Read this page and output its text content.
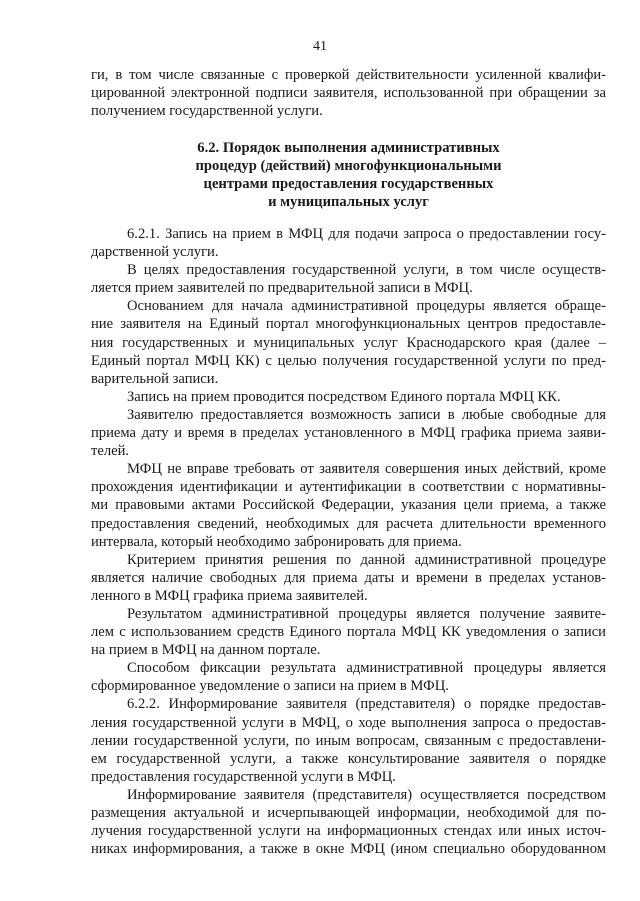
41
ги, в том числе связанные с проверкой действительности усиленной квалифи-
цированной электронной подписи заявителя, использованной при обращении за
получением государственной услуги.
6.2. Порядок выполнения административных
процедур (действий) многофункциональными
центрами предоставления государственных
и муниципальных услуг
6.2.1. Запись на прием в МФЦ для подачи запроса о предоставлении госу-
дарственной услуги.
В целях предоставления государственной услуги, в том числе осуществ-
ляется прием заявителей по предварительной записи в МФЦ.
Основанием для начала административной процедуры является обраще-
ние заявителя на Единый портал многофункциональных центров предоставле-
ния государственных и муниципальных услуг Краснодарского края (далее –
Единый портал МФЦ КК) с целью получения государственной услуги по пред-
варительной записи.
Запись на прием проводится посредством Единого портала МФЦ КК.
Заявителю предоставляется возможность записи в любые свободные для
приема дату и время в пределах установленного в МФЦ графика приема заяви-
телей.
МФЦ не вправе требовать от заявителя совершения иных действий, кроме
прохождения идентификации и аутентификации в соответствии с нормативны-
ми правовыми актами Российской Федерации, указания цели приема, а также
предоставления сведений, необходимых для расчета длительности временного
интервала, который необходимо забронировать для приема.
Критерием принятия решения по данной административной процедуре
является наличие свободных для приема даты и времени в пределах установ-
ленного в МФЦ графика приема заявителей.
Результатом административной процедуры является получение заявите-
лем с использованием средств Единого портала МФЦ КК уведомления о записи
на прием в МФЦ на данном портале.
Способом фиксации результата административной процедуры является
сформированное уведомление о записи на прием в МФЦ.
6.2.2. Информирование заявителя (представителя) о порядке предостав-
ления государственной услуги в МФЦ, о ходе выполнения запроса о предостав-
лении государственной услуги, по иным вопросам, связанным с предоставлени-
ем государственной услуги, а также консультирование заявителя о порядке
предоставления государственной услуги в МФЦ.
Информирование заявителя (представителя) осуществляется посредством
размещения актуальной и исчерпывающей информации, необходимой для по-
лучения государственной услуги на информационных стендах или иных источ-
никах информирования, а также в окне МФЦ (ином специально оборудованном
